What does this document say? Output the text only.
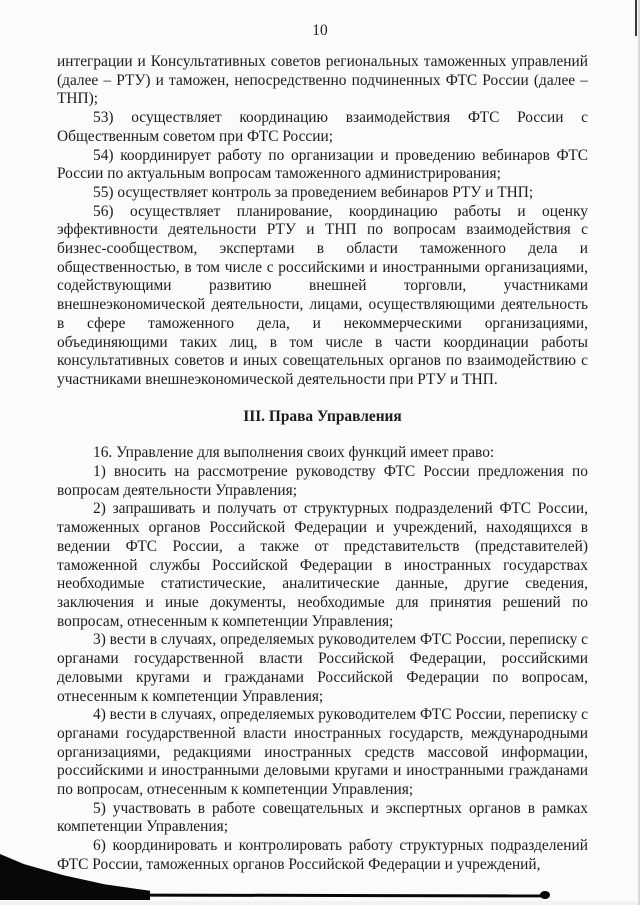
10

интеграции и Консультативных советов региональных таможенных управлений (далее – РТУ) и таможен, непосредственно подчиненных ФТС России (далее – ТНП);

53) осуществляет координацию взаимодействия ФТС России с Общественным советом при ФТС России;

54) координирует работу по организации и проведению вебинаров ФТС России по актуальным вопросам таможенного администрирования;

55) осуществляет контроль за проведением вебинаров РТУ и ТНП;

56) осуществляет планирование, координацию работы и оценку эффективности деятельности РТУ и ТНП по вопросам взаимодействия с бизнес-сообществом, экспертами в области таможенного дела и общественностью, в том числе с российскими и иностранными организациями, содействующими развитию внешней торговли, участниками внешнеэкономической деятельности, лицами, осуществляющими деятельность в сфере таможенного дела, и некоммерческими организациями, объединяющими таких лиц, в том числе в части координации работы консультативных советов и иных совещательных органов по взаимодействию с участниками внешнеэкономической деятельности при РТУ и ТНП.

III. Права Управления

16. Управление для выполнения своих функций имеет право:

1) вносить на рассмотрение руководству ФТС России предложения по вопросам деятельности Управления;

2) запрашивать и получать от структурных подразделений ФТС России, таможенных органов Российской Федерации и учреждений, находящихся в ведении ФТС России, а также от представительств (представителей) таможенной службы Российской Федерации в иностранных государствах необходимые статистические, аналитические данные, другие сведения, заключения и иные документы, необходимые для принятия решений по вопросам, отнесенным к компетенции Управления;

3) вести в случаях, определяемых руководителем ФТС России, переписку с органами государственной власти Российской Федерации, российскими деловыми кругами и гражданами Российской Федерации по вопросам, отнесенным к компетенции Управления;

4) вести в случаях, определяемых руководителем ФТС России, переписку с органами государственной власти иностранных государств, международными организациями, редакциями иностранных средств массовой информации, российскими и иностранными деловыми кругами и иностранными гражданами по вопросам, отнесенным к компетенции Управления;

5) участвовать в работе совещательных и экспертных органов в рамках компетенции Управления;

6) координировать и контролировать работу структурных подразделений ФТС России, таможенных органов Российской Федерации и учреждений,
